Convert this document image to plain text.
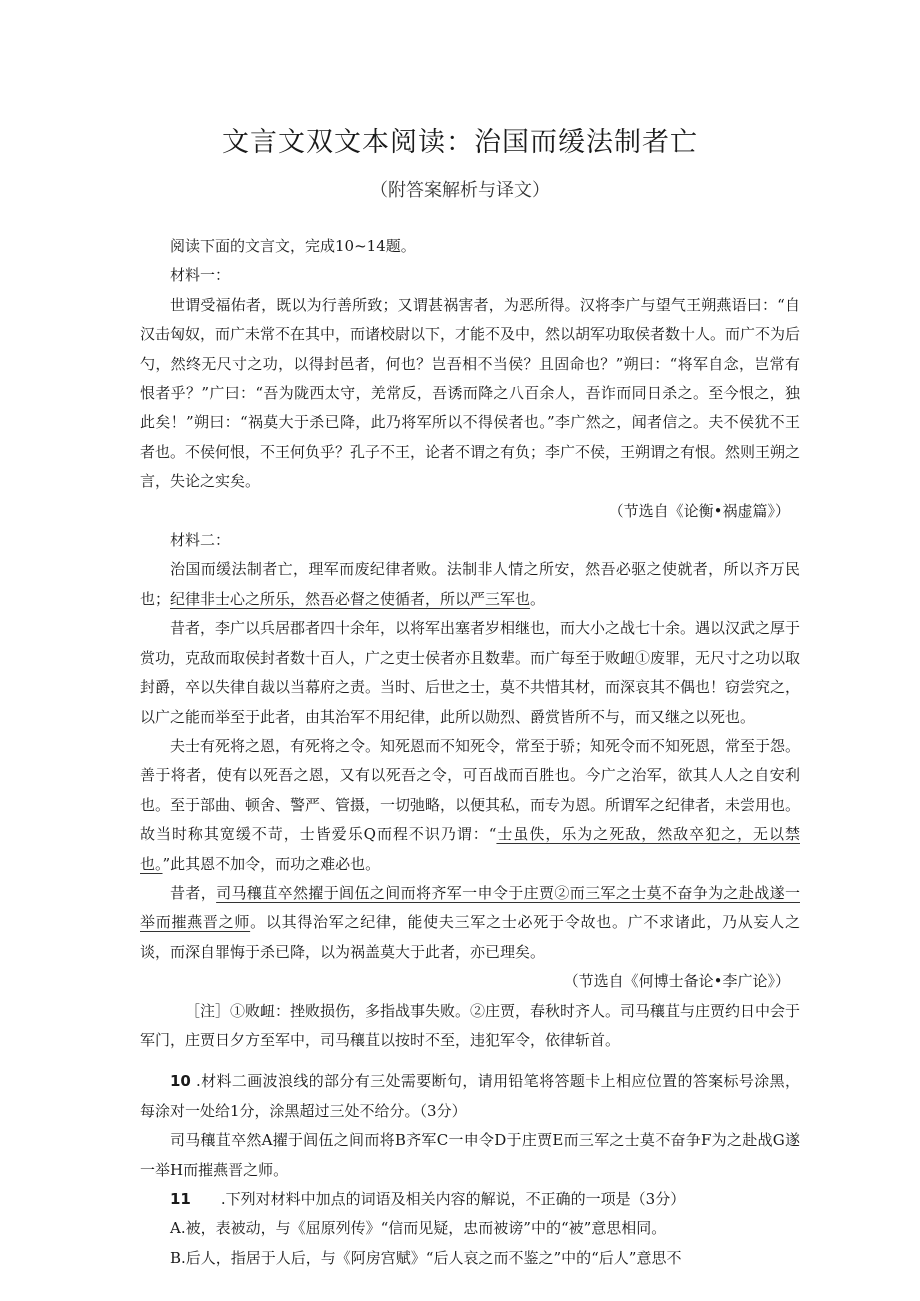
文言文双文本阅读：治国而缓法制者亡
（附答案解析与译文）

阅读下面的文言文，完成10~14题。

材料一：

世谓受福佑者，既以为行善所致；又谓甚祸害者，为恶所得。汉将李广与望气王朔燕语曰：“自汉击匈奴，而广未常不在其中，而诸校尉以下，才能不及中，然以胡军功取侯者数十人。而广不为后勺，然终无尺寸之功，以得封邑者，何也？岂吾相不当侯？且固命也？”朔曰：“将军自念，岂常有恨者乎？”广曰：“吾为陇西太守，羌常反，吾诱而降之八百余人，吾诈而同日杀之。至今恨之，独此矣！”朔曰：“祸莫大于杀已降，此乃将军所以不得侯者也。”李广然之，闻者信之。夫不侯犹不王者也。不侯何恨，不王何负乎？孔子不王，论者不谓之有负；李广不侯，王朔谓之有恨。然则王朔之言，失论之实矣。

（节选自《论衡•祸虚篇》）

材料二：

治国而缓法制者亡，理军而废纪律者败。法制非人情之所安，然吾必驱之使就者，所以齐万民也；纪律非士心之所乐，然吾必督之使循者，所以严三军也。

昔者，李广以兵居郡者四十余年，以将军出塞者岁相继也，而大小之战七十余。遇以汉武之厚于赏功，克敌而取侯封者数十百人，广之吏士侯者亦且数辈。而广每至于败衄①废罪，无尺寸之功以取封爵，卒以失律自裁以当幕府之责。当时、后世之士，莫不共惜其材，而深哀其不偶也！窃尝究之，以广之能而举至于此者，由其治军不用纪律，此所以勋烈、爵赏皆所不与，而又继之以死也。

夫士有死将之恩，有死将之令。知死恩而不知死令，常至于骄；知死令而不知死恩，常至于怨。善于将者，使有以死吾之恩，又有以死吾之令，可百战而百胜也。今广之治军，欲其人人之自安利也。至于部曲、顿舍、警严、管摄，一切弛略，以便其私，而专为恩。所谓军之纪律者，未尝用也。故当时称其宽缓不苛，士皆爱乐Q而程不识乃谓：“士虽佚，乐为之死敌，然敌卒犯之，无以禁也。”此其恩不加令，而功之难必也。

昔者，司马穰苴卒然擢于闾伍之间而将齐军一申令于庄贾②而三军之士莫不奋争为之赴战遂一举而摧燕晋之师。以其得治军之纪律，能使夫三军之士必死于令故也。广不求诸此，乃从妄人之谈，而深自罪悔于杀已降，以为祸盖莫大于此者，亦已理矣。

（节选自《何博士备论•李广论》）

［注］①败衄：挫败损伤，多指战事失败。②庄贾，春秋时齐人。司马穰苴与庄贾约日中会于军门，庄贾日夕方至军中，司马穰苴以按时不至，违犯军令，依律斩首。

10 .材料二画波浪线的部分有三处需要断句，请用铅笔将答题卡上相应位置的答案标号涂黑，每涂对一处给1分，涂黑超过三处不给分。（3分）

司马穰苴卒然A擢于闾伍之间而将B齐军C一申令D于庄贾E而三军之士莫不奋争F为之赴战G遂一举H而摧燕晋之师。

11　　.下列对材料中加点的词语及相关内容的解说，不正确的一项是（3分）

A.被，表被动，与《屈原列传》“信而见疑，忠而被谤”中的“被”意思相同。

B.后人，指居于人后，与《阿房宫赋》“后人哀之而不鉴之”中的“后人”意思不
